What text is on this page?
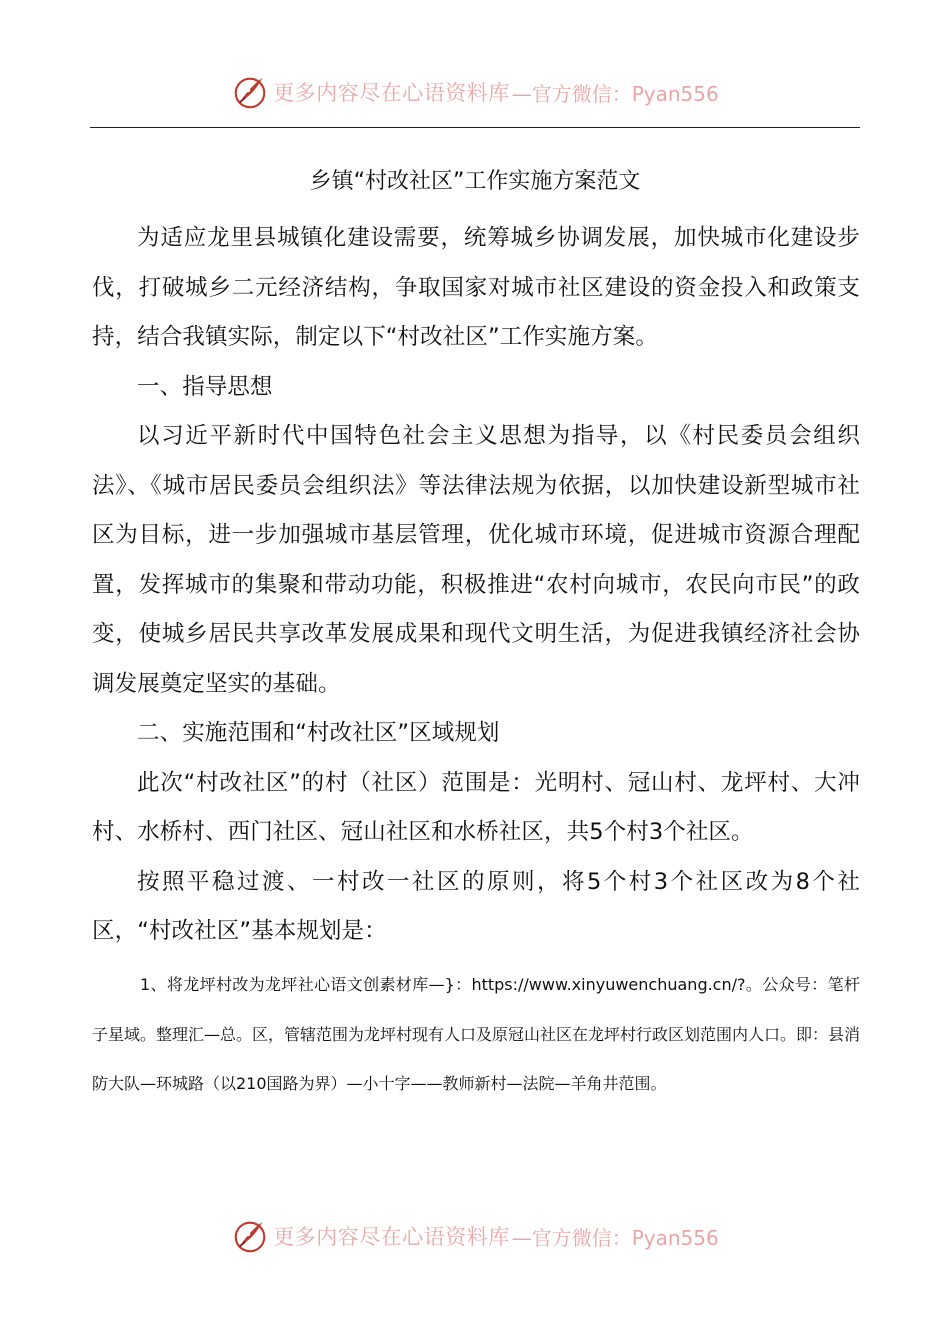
更多内容尽在心语资料库 —官方微信：Pyan556
乡镇“村改社区”工作实施方案范文

为适应龙里县城镇化建设需要，统筹城乡协调发展，加快城市化建设步伐，打破城乡二元经济结构，争取国家对城市社区建设的资金投入和政策支持，结合我镇实际，制定以下“村改社区”工作实施方案。

一、指导思想

以习近平新时代中国特色社会主义思想为指导，以《村民委员会组织法》、《城市居民委员会组织法》等法律法规为依据，以加快建设新型城市社区为目标，进一步加强城市基层管理，优化城市环境，促进城市资源合理配置，发挥城市的集聚和带动功能，积极推进“农村向城市，农民向市民”的政变，使城乡居民共享改革发展成果和现代文明生活，为促进我镇经济社会协调发展奠定坚实的基础。

二、实施范围和“村改社区”区域规划

此次“村改社区”的村（社区）范围是：光明村、冠山村、龙坪村、大冲村、水桥村、西门社区、冠山社区和水桥社区，共5个村3个社区。

按照平稳过渡、一村改一社区的原则，将5个村3个社区改为8个社区，“村改社区”基本规划是：

1、将龙坪村改为龙坪社心语文创素材库—}：https://www.xinyuwenchuang.cn/?。公众号：笔杆子星域。整理汇—总。区，管辖范围为龙坪村现有人口及原冠山社区在龙坪村行政区划范围内人口。即：县消防大队—环城路（以210国路为界）—小十字——教师新村—法院—羊角井范围。

更多内容尽在心语资料库 —官方微信：Pyan556
